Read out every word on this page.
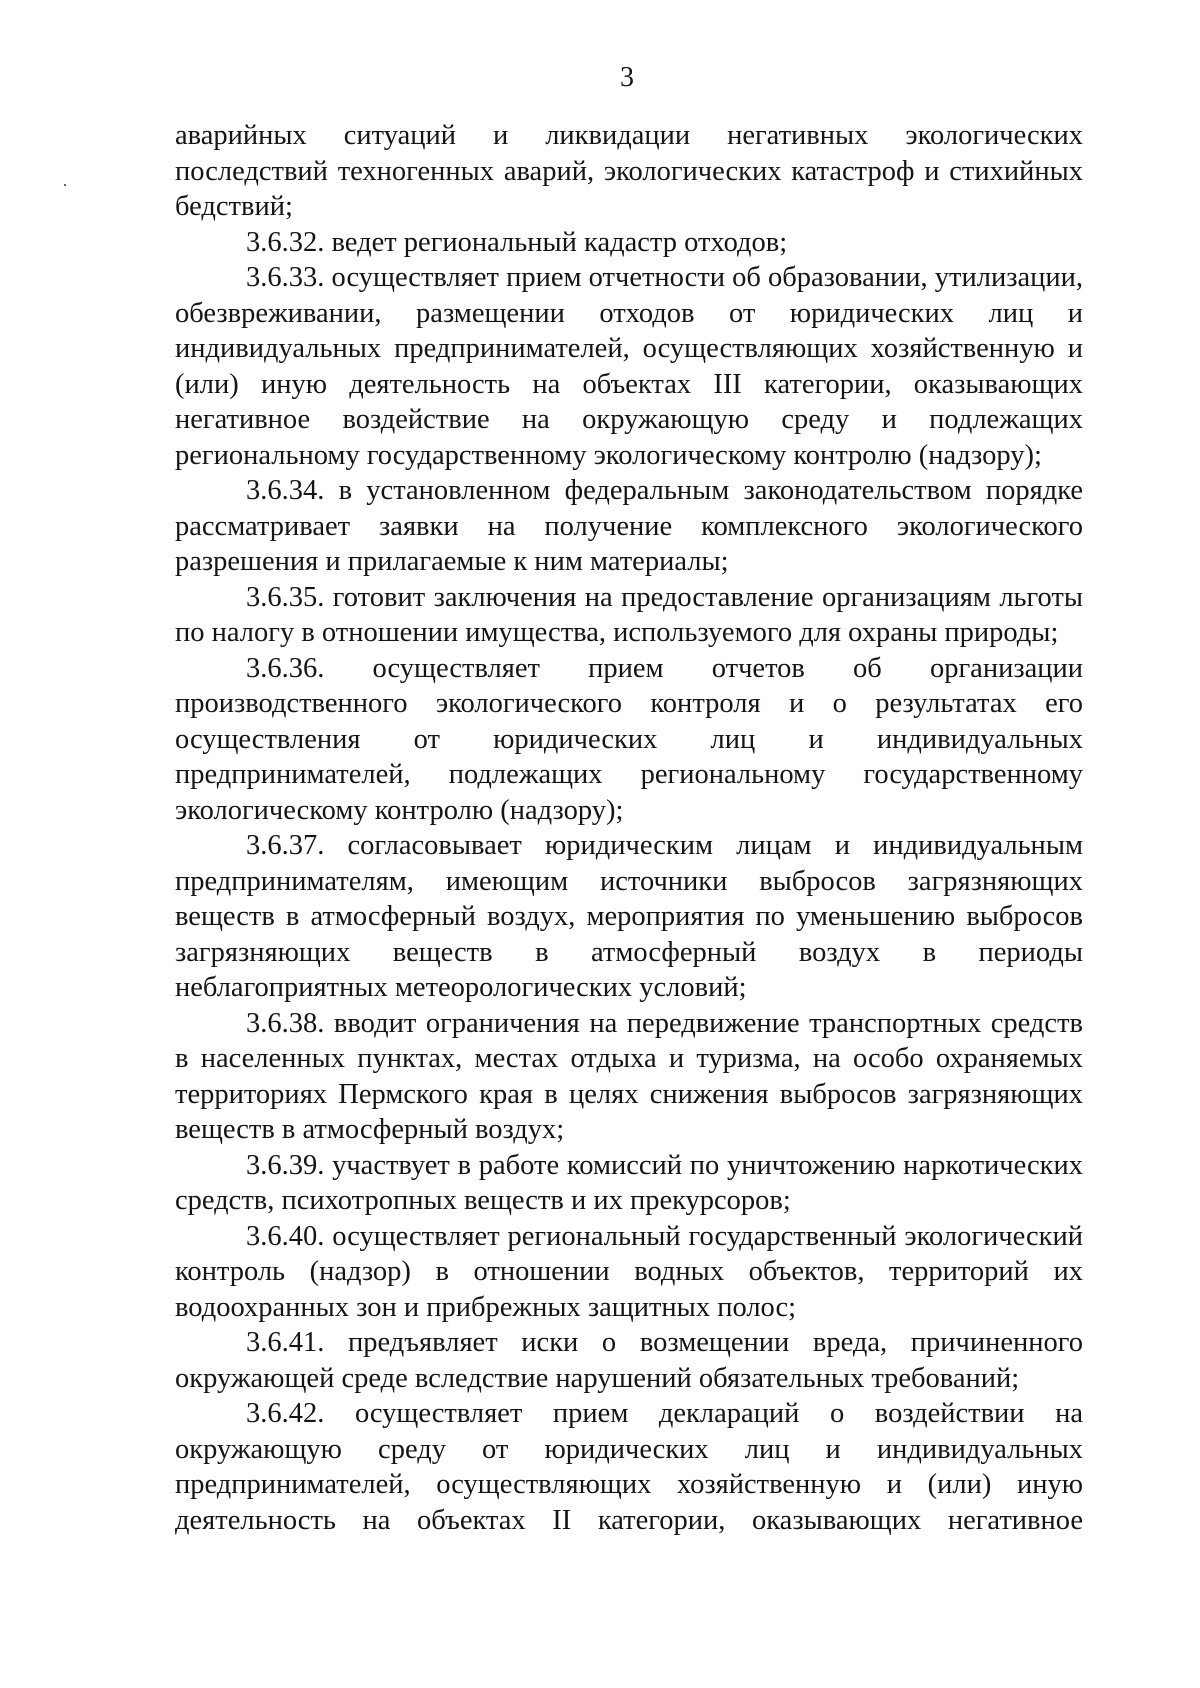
3

аварийных ситуаций и ликвидации негативных экологических последствий техногенных аварий, экологических катастроф и стихийных бедствий;

3.6.32. ведет региональный кадастр отходов;

3.6.33. осуществляет прием отчетности об образовании, утилизации, обезвреживании, размещении отходов от юридических лиц и индивидуальных предпринимателей, осуществляющих хозяйственную и (или) иную деятельность на объектах III категории, оказывающих негативное воздействие на окружающую среду и подлежащих региональному государственному экологическому контролю (надзору);

3.6.34. в установленном федеральным законодательством порядке рассматривает заявки на получение комплексного экологического разрешения и прилагаемые к ним материалы;

3.6.35. готовит заключения на предоставление организациям льготы по налогу в отношении имущества, используемого для охраны природы;

3.6.36. осуществляет прием отчетов об организации производственного экологического контроля и о результатах его осуществления от юридических лиц и индивидуальных предпринимателей, подлежащих региональному государственному экологическому контролю (надзору);

3.6.37. согласовывает юридическим лицам и индивидуальным предпринимателям, имеющим источники выбросов загрязняющих веществ в атмосферный воздух, мероприятия по уменьшению выбросов загрязняющих веществ в атмосферный воздух в периоды неблагоприятных метеорологических условий;

3.6.38. вводит ограничения на передвижение транспортных средств в населенных пунктах, местах отдыха и туризма, на особо охраняемых территориях Пермского края в целях снижения выбросов загрязняющих веществ в атмосферный воздух;

3.6.39. участвует в работе комиссий по уничтожению наркотических средств, психотропных веществ и их прекурсоров;

3.6.40. осуществляет региональный государственный экологический контроль (надзор) в отношении водных объектов, территорий их водоохранных зон и прибрежных защитных полос;

3.6.41. предъявляет иски о возмещении вреда, причиненного окружающей среде вследствие нарушений обязательных требований;

3.6.42. осуществляет прием деклараций о воздействии на окружающую среду от юридических лиц и индивидуальных предпринимателей, осуществляющих хозяйственную и (или) иную деятельность на объектах II категории, оказывающих негативное
